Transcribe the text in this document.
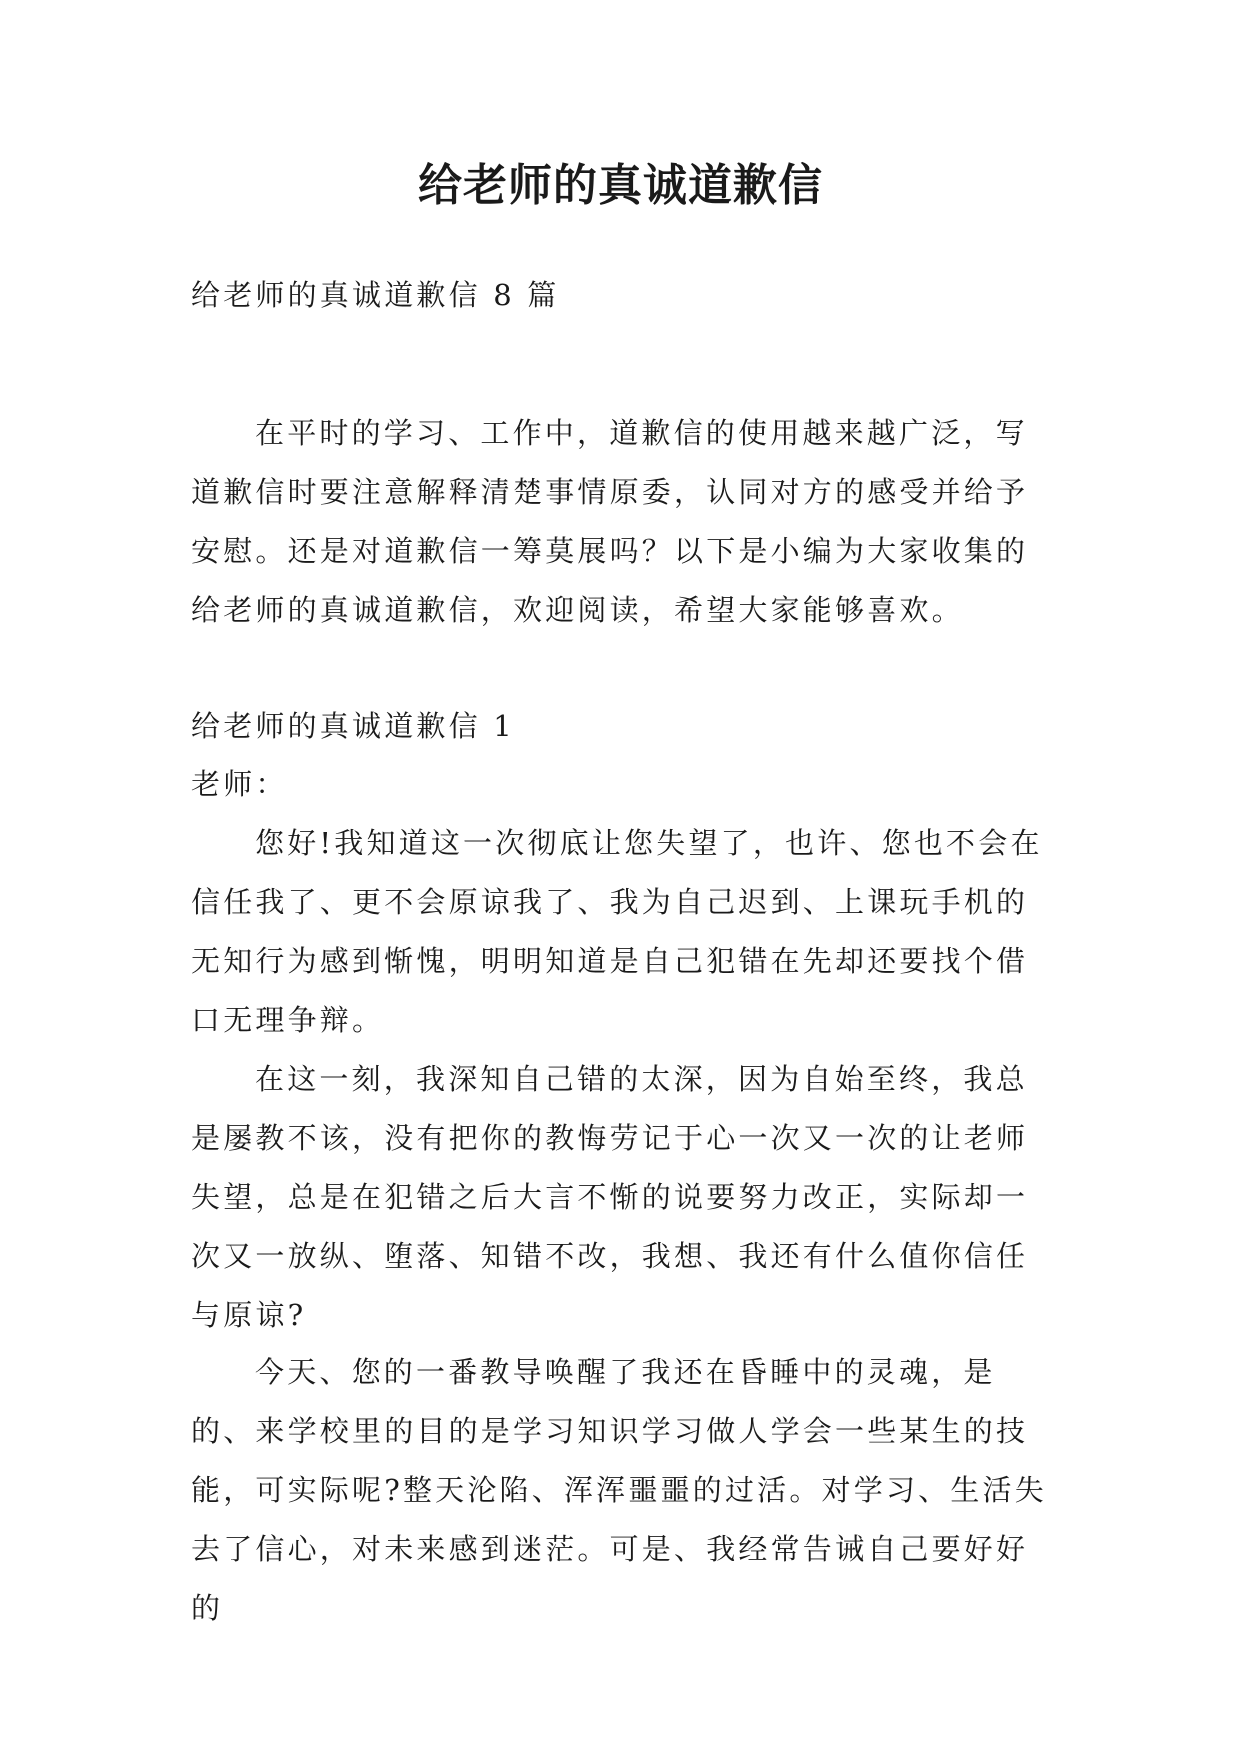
给老师的真诚道歉信

给老师的真诚道歉信 8 篇

在平时的学习、工作中，道歉信的使用越来越广泛，写道歉信时要注意解释清楚事情原委，认同对方的感受并给予安慰。还是对道歉信一筹莫展吗？以下是小编为大家收集的给老师的真诚道歉信，欢迎阅读，希望大家能够喜欢。

给老师的真诚道歉信 1

老师：

您好!我知道这一次彻底让您失望了，也许、您也不会在信任我了、更不会原谅我了、我为自己迟到、上课玩手机的无知行为感到惭愧，明明知道是自己犯错在先却还要找个借口无理争辩。

在这一刻，我深知自己错的太深，因为自始至终，我总是屡教不该，没有把你的教悔劳记于心一次又一次的让老师失望，总是在犯错之后大言不惭的说要努力改正，实际却一次又一放纵、堕落、知错不改，我想、我还有什么值你信任与原谅?

今天、您的一番教导唤醒了我还在昏睡中的灵魂，是的、来学校里的目的是学习知识学习做人学会一些某生的技能，可实际呢?整天沦陷、浑浑噩噩的过活。对学习、生活失去了信心，对未来感到迷茫。可是、我经常告诫自己要好好的
